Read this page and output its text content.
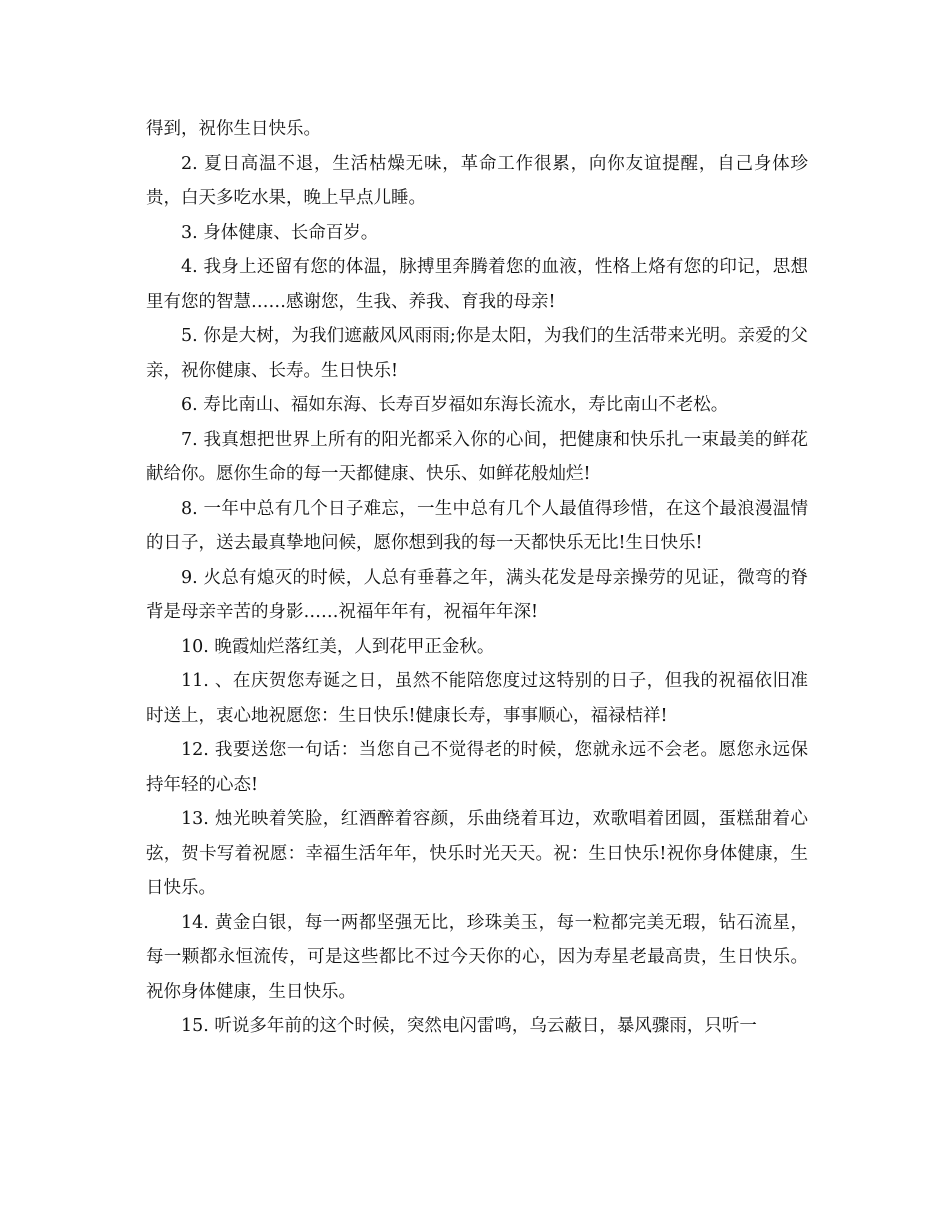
得到，祝你生日快乐。

2. 夏日高温不退，生活枯燥无味，革命工作很累，向你友谊提醒，自己身体珍贵，白天多吃水果，晚上早点儿睡。

3. 身体健康、长命百岁。

4. 我身上还留有您的体温，脉搏里奔腾着您的血液，性格上烙有您的印记，思想里有您的智慧……感谢您，生我、养我、育我的母亲!

5. 你是大树，为我们遮蔽风风雨雨;你是太阳，为我们的生活带来光明。亲爱的父亲，祝你健康、长寿。生日快乐!

6. 寿比南山、福如东海、长寿百岁福如东海长流水，寿比南山不老松。

7. 我真想把世界上所有的阳光都采入你的心间，把健康和快乐扎一束最美的鲜花献给你。愿你生命的每一天都健康、快乐、如鲜花般灿烂!

8. 一年中总有几个日子难忘，一生中总有几个人最值得珍惜，在这个最浪漫温情的日子，送去最真挚地问候，愿你想到我的每一天都快乐无比!生日快乐!

9. 火总有熄灭的时候，人总有垂暮之年，满头花发是母亲操劳的见证，微弯的脊背是母亲辛苦的身影……祝福年年有，祝福年年深!

10. 晚霞灿烂落红美，人到花甲正金秋。

11. 、在庆贺您寿诞之日，虽然不能陪您度过这特别的日子，但我的祝福依旧准时送上，衷心地祝愿您：生日快乐!健康长寿，事事顺心，福禄桔祥!

12. 我要送您一句话：当您自己不觉得老的时候，您就永远不会老。愿您永远保持年轻的心态!

13. 烛光映着笑脸，红酒醉着容颜，乐曲绕着耳边，欢歌唱着团圆，蛋糕甜着心弦，贺卡写着祝愿：幸福生活年年，快乐时光天天。祝：生日快乐!祝你身体健康，生日快乐。

14. 黄金白银，每一两都坚强无比，珍珠美玉，每一粒都完美无瑕，钻石流星，每一颗都永恒流传，可是这些都比不过今天你的心，因为寿星老最高贵，生日快乐。祝你身体健康，生日快乐。

15. 听说多年前的这个时候，突然电闪雷鸣，乌云蔽日，暴风骤雨，只听一
